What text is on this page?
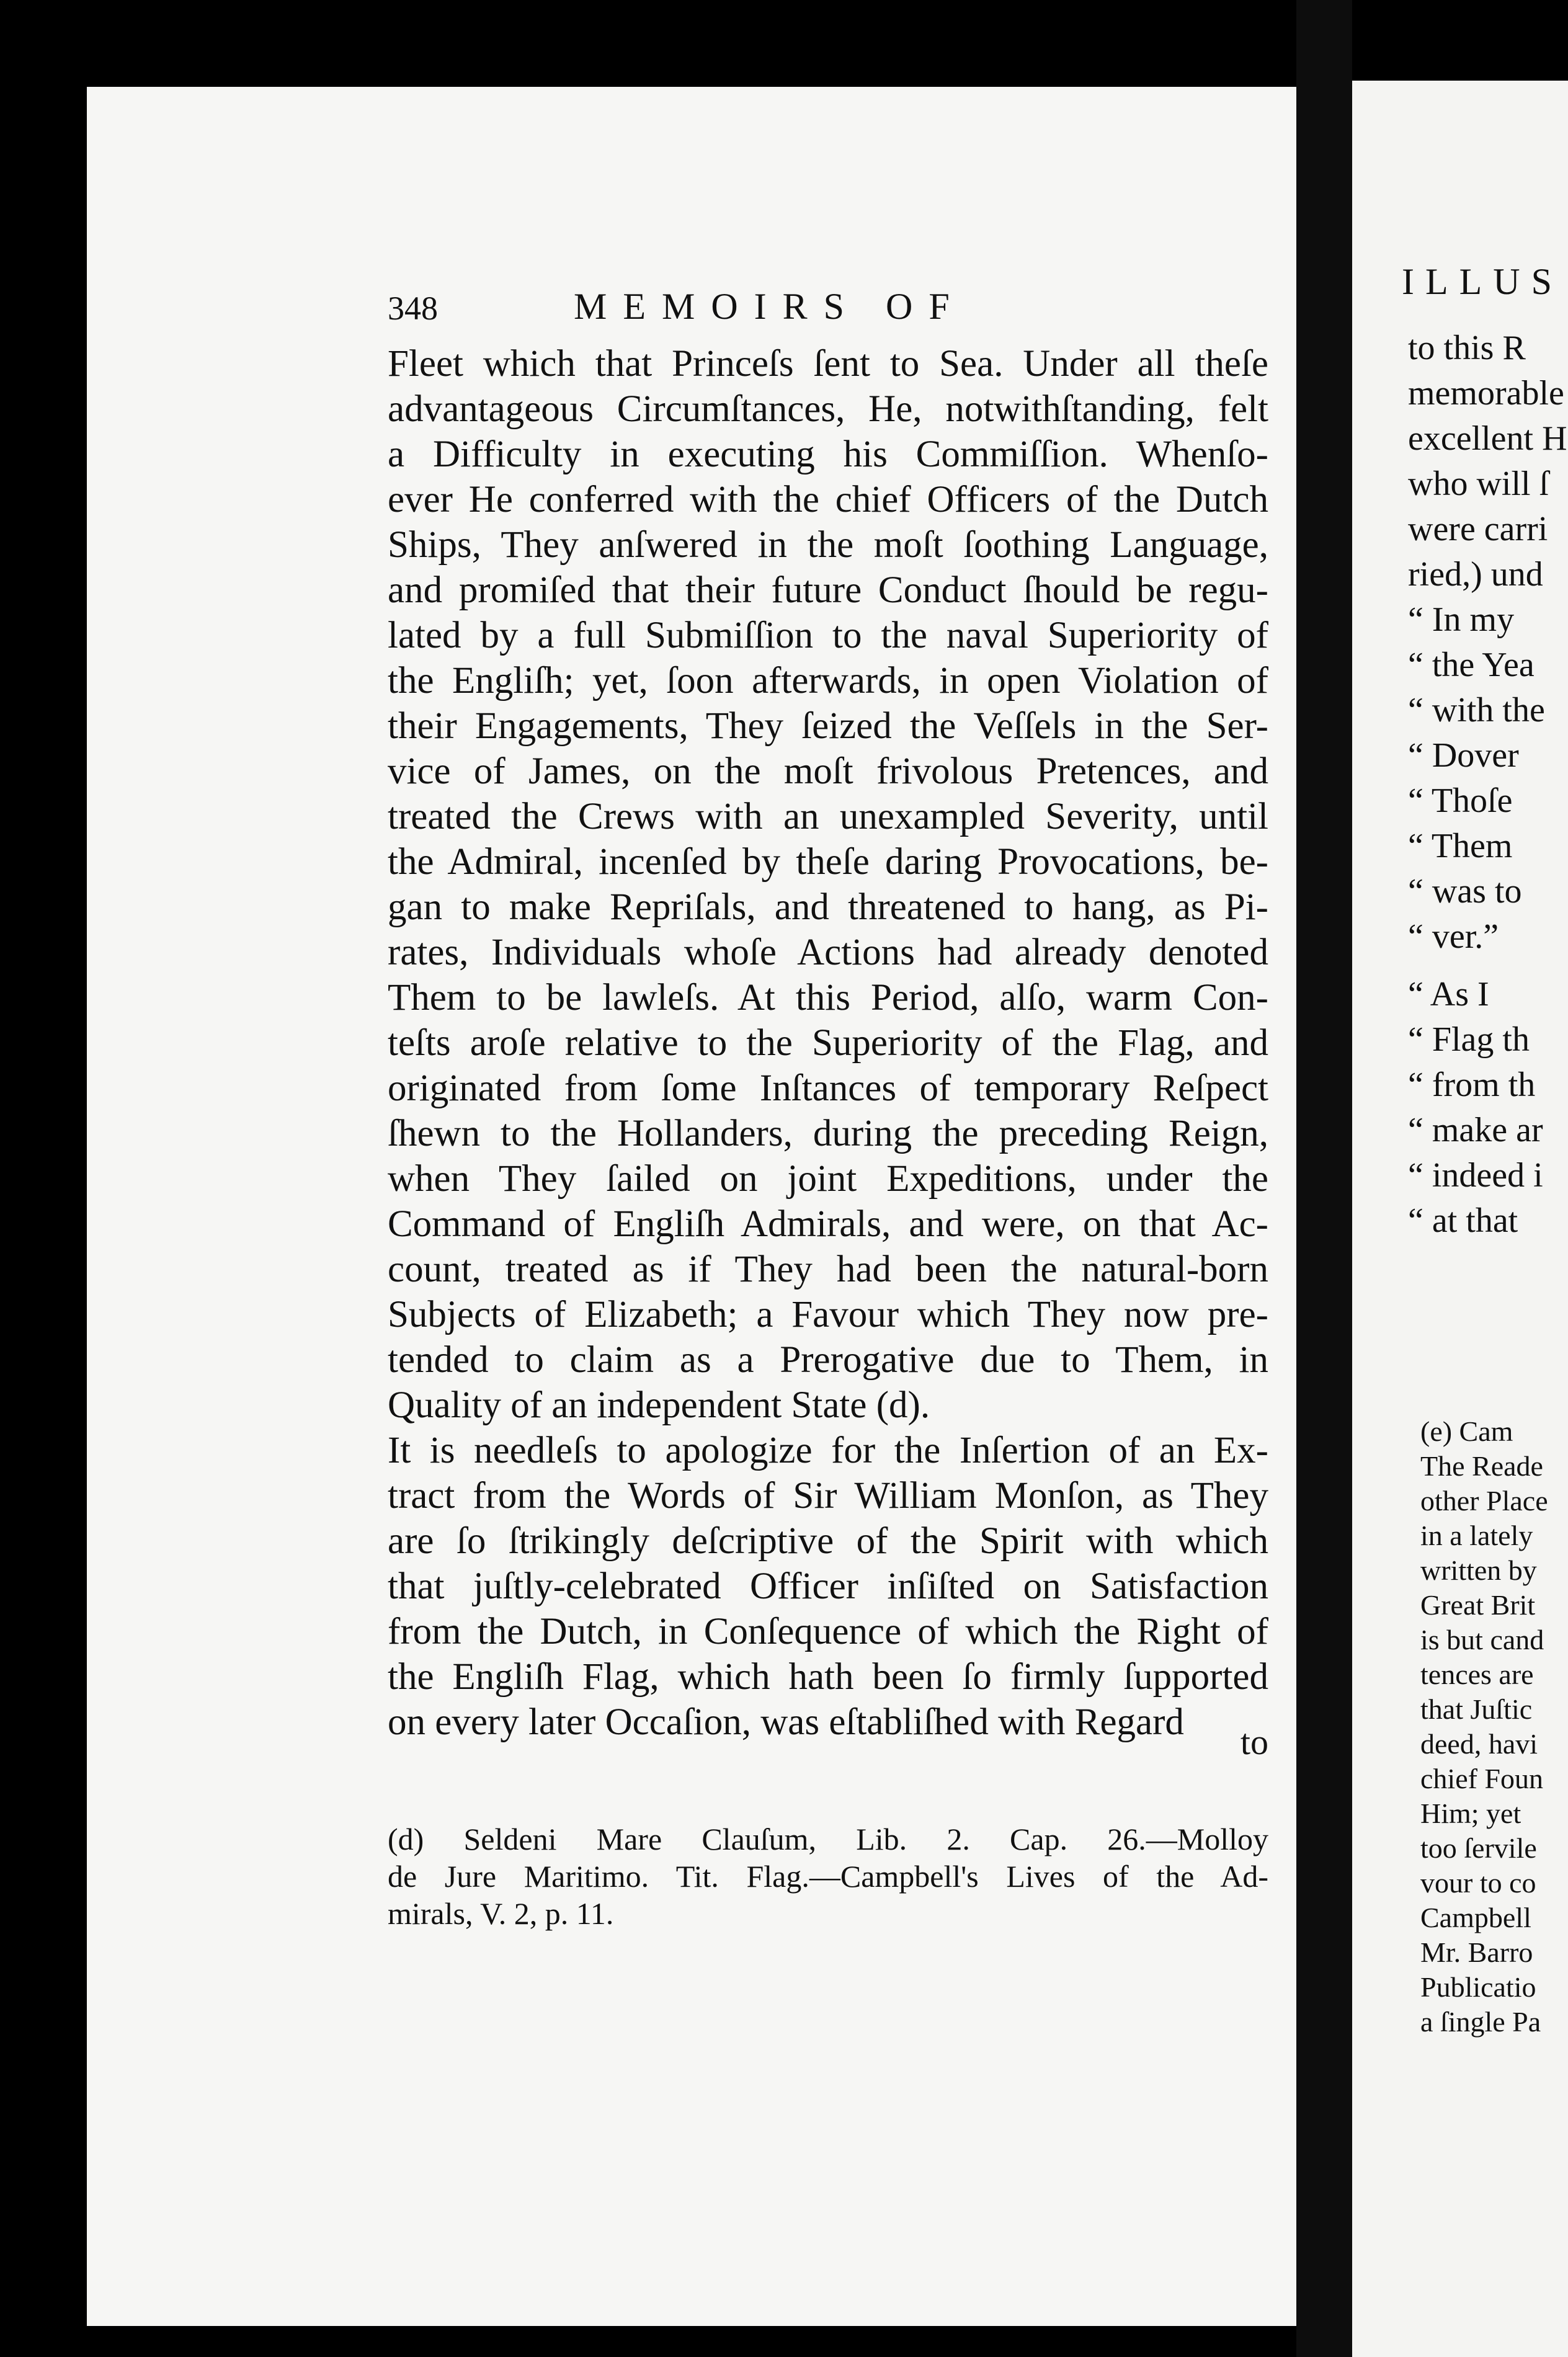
ILLUS
to this R
memorable
excellent H
who will ſ
were carri
ried,) und
“ In my
“ the Yea
“ with the
“ Dover
“ Thoſe
“ Them
“ was to
“ ver.”
“ As I
“ Flag th
“ from th
“ make ar
“ indeed i
“ at that
(e) Cam
The Reade
other Place
in a lately
written by
Great Brit
is but cand
tences are
that Juſtic
deed, havi
chief Foun
Him; yet
too ſervile
vour to co
Campbell
Mr. Barro
Publicatio
a ſingle Pa
348	MEMOIRS OF
Fleet which that Princeſs ſent to Sea. Under all theſe
advantageous Circumſtances, He, notwithſtanding, felt
a Difficulty in executing his Commiſſion. Whenſo-
ever He conferred with the chief Officers of the Dutch
Ships, They anſwered in the moſt ſoothing Language,
and promiſed that their future Conduct ſhould be regu-
lated by a full Submiſſion to the naval Superiority of
the Engliſh; yet, ſoon afterwards, in open Violation of
their Engagements, They ſeized the Veſſels in the Ser-
vice of James, on the moſt frivolous Pretences, and
treated the Crews with an unexampled Severity, until
the Admiral, incenſed by theſe daring Provocations, be-
gan to make Repriſals, and threatened to hang, as Pi-
rates, Individuals whoſe Actions had already denoted
Them to be lawleſs. At this Period, alſo, warm Con-
teſts aroſe relative to the Superiority of the Flag, and
originated from ſome Inſtances of temporary Reſpect
ſhewn to the Hollanders, during the preceding Reign,
when They ſailed on joint Expeditions, under the
Command of Engliſh Admirals, and were, on that Ac-
count, treated as if They had been the natural-born
Subjects of Elizabeth; a Favour which They now pre-
tended to claim as a Prerogative due to Them, in
Quality of an independent State (d).
It is needleſs to apologize for the Inſertion of an Ex-
tract from the Words of Sir William Monſon, as They
are ſo ſtrikingly deſcriptive of the Spirit with which
that juſtly-celebrated Officer inſiſted on Satisfaction
from the Dutch, in Conſequence of which the Right of
the Engliſh Flag, which hath been ſo firmly ſupported
on every later Occaſion, was eſtabliſhed with Regard	to
(d) Seldeni Mare Clauſum, Lib. 2. Cap. 26.—Molloy
de Jure Maritimo. Tit. Flag.—Campbell's Lives of the Ad-
mirals, V. 2, p. 11.
